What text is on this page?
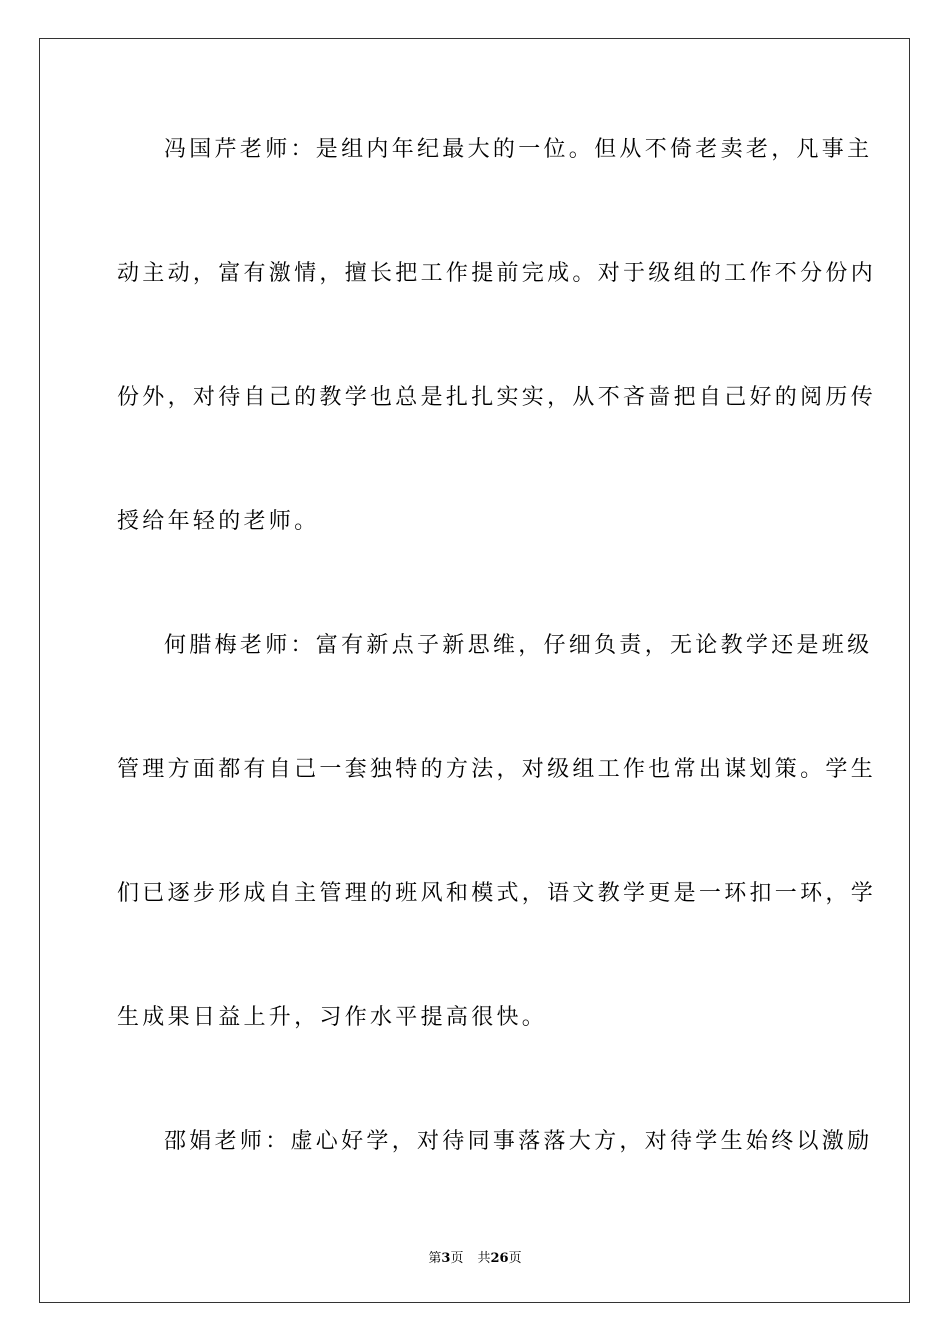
冯国芹老师：是组内年纪最大的一位。但从不倚老卖老，凡事主
动主动，富有激情，擅长把工作提前完成。对于级组的工作不分份内
份外，对待自己的教学也总是扎扎实实，从不吝啬把自己好的阅历传
授给年轻的老师。
何腊梅老师：富有新点子新思维，仔细负责，无论教学还是班级
管理方面都有自己一套独特的方法，对级组工作也常出谋划策。学生
们已逐步形成自主管理的班风和模式，语文教学更是一环扣一环，学
生成果日益上升，习作水平提高很快。
邵娟老师：虚心好学，对待同事落落大方，对待学生始终以激励
第3页 共26页
